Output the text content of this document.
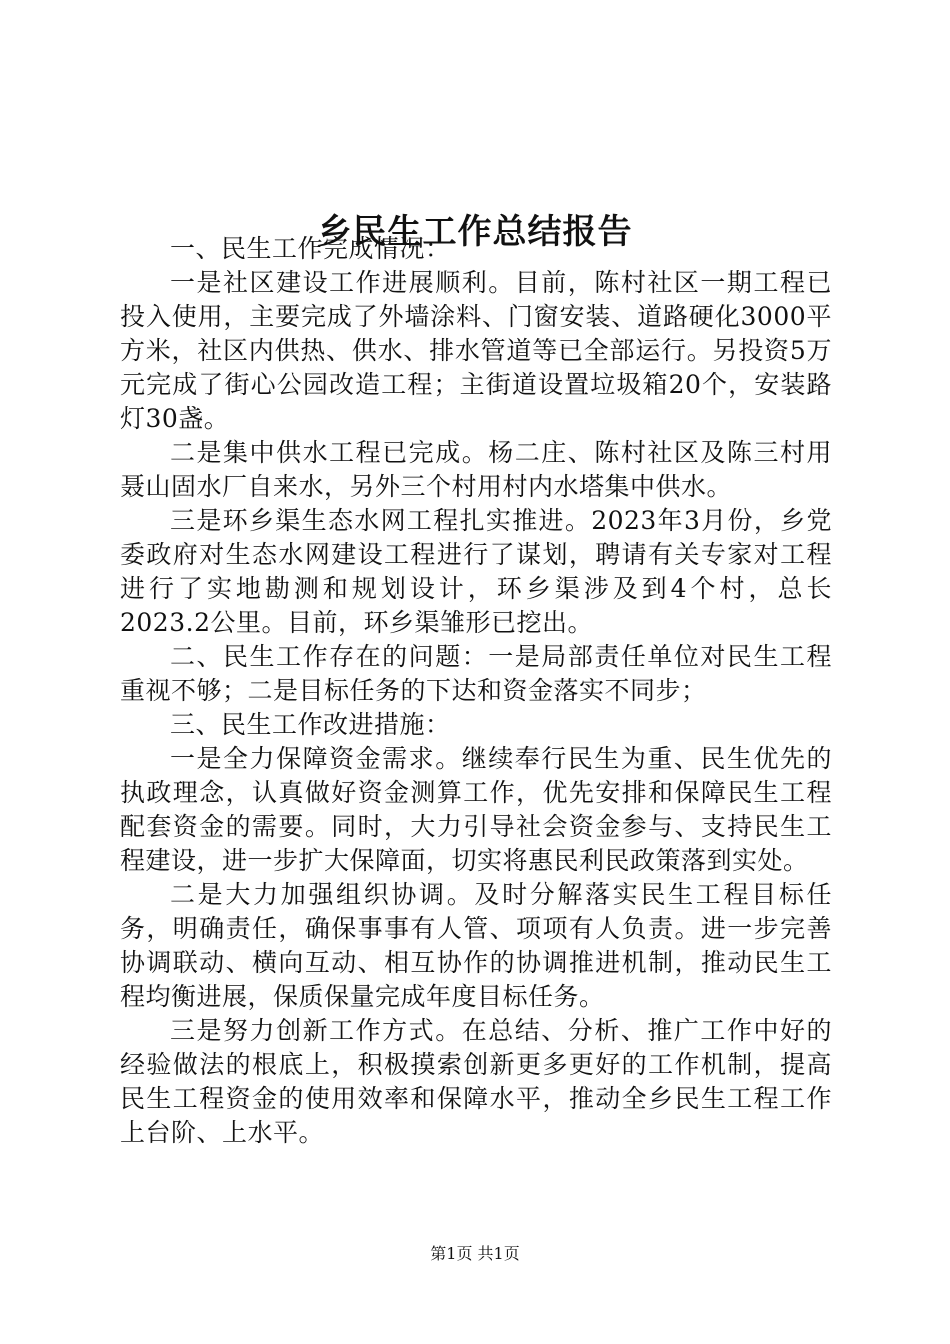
乡民生工作总结报告

一、民生工作完成情况：

一是社区建设工作进展顺利。目前，陈村社区一期工程已投入使用，主要完成了外墙涂料、门窗安装、道路硬化3000平方米，社区内供热、供水、排水管道等已全部运行。另投资5万元完成了街心公园改造工程；主街道设置垃圾箱20个，安装路灯30盏。

二是集中供水工程已完成。杨二庄、陈村社区及陈三村用聂山固水厂自来水，另外三个村用村内水塔集中供水。

三是环乡渠生态水网工程扎实推进。2023年3月份，乡党委政府对生态水网建设工程进行了谋划，聘请有关专家对工程进行了实地勘测和规划设计，环乡渠涉及到4个村，总长2023.2公里。目前，环乡渠雏形已挖出。

二、民生工作存在的问题：一是局部责任单位对民生工程重视不够；二是目标任务的下达和资金落实不同步；

三、民生工作改进措施：

一是全力保障资金需求。继续奉行民生为重、民生优先的执政理念，认真做好资金测算工作，优先安排和保障民生工程配套资金的需要。同时，大力引导社会资金参与、支持民生工程建设，进一步扩大保障面，切实将惠民利民政策落到实处。

二是大力加强组织协调。及时分解落实民生工程目标任务，明确责任，确保事事有人管、项项有人负责。进一步完善协调联动、横向互动、相互协作的协调推进机制，推动民生工程均衡进展，保质保量完成年度目标任务。

三是努力创新工作方式。在总结、分析、推广工作中好的经验做法的根底上，积极摸索创新更多更好的工作机制，提高民生工程资金的使用效率和保障水平，推动全乡民生工程工作上台阶、上水平。

第1页 共1页
